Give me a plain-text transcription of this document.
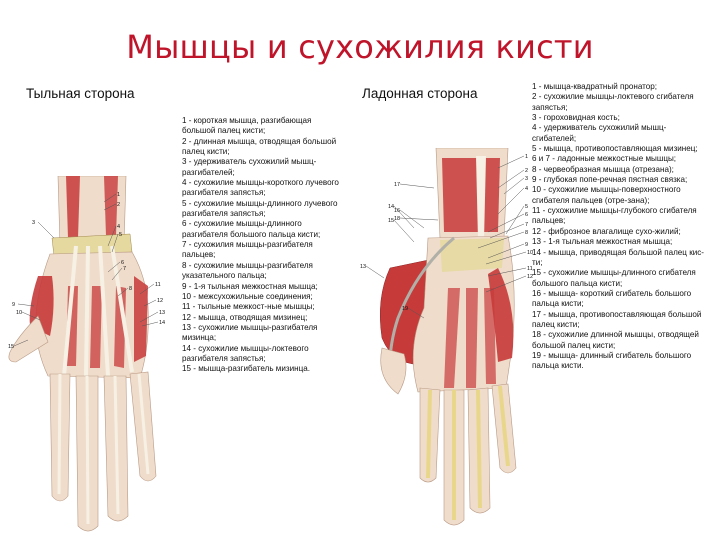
Мышцы и сухожилия кисти
Тыльная сторона	Ладонная сторона
1
2
3
4
5
6
7
8
9
10
11
12
13
14
15
1
2
3
4
5
6
7
8
9
10
11
12
13
14
15
16
17
18
19
1 - короткая мышца, разгибающая большой палец кисти;
2 - длинная мышца, отводящая большой палец кисти;
3 - удерживатель сухожилий мышц-разгибателей;
4 - сухожилие мышцы-короткого лучевого разгибателя запястья;
5 - сухожилие мышцы-длинного лучевого разгибателя запястья;
6 - сухожилие мышцы-длинного разгибателя большого пальца кисти;
7 - сухожилия мышцы-разгибателя пальцев;
8 - сухожилие мышцы-разгибателя указательного пальца;
9 - 1-я тыльная межкостная мышца;
10 - межсухожильные соединения;
11 - тыльные межкост-ные мышцы;
12 - мышца, отводящая мизинец;
13 - сухожилие мышцы-разгибателя мизинца;
14 - сухожилие мышцы-локтевого разгибателя запястья;
15 - мышца-разгибатель мизинца.
1 - мышца-квадратный пронатор;
2 - сухожилие мышцы-локтевого сгибателя запястья;
3 - гороховидная кость;
4 - удерживатель сухожилий мышц-сгибателей;
5 - мышца, противопоставляющая мизинец;
6 и 7 - ладонные межкостные мышцы;
8 - червеобразная мышца (отрезана);
9 - глубокая попе-речная пястная связка;
10 - сухожилие мышцы-поверхностного сгибателя пальцев (отре-зана);
11 - сухожилие мышцы-глубокого сгибателя пальцев;
12 - фиброзное влагалище сухо-жилий;
13 - 1-я тыльная межкостная мышца;
14 - мышца, приводящая большой палец кис-ти;
15 - сухожилие мышцы-длинного сгибателя большого пальца кисти;
16 - мышца- короткий сгибатель большого пальца кисти;
17 - мышца, противопоставляющая большой палец кисти;
18 - сухожилие длинной мышцы, отводящей большой палец кисти;
19 - мышца- длинный сгибатель большого пальца кисти.
